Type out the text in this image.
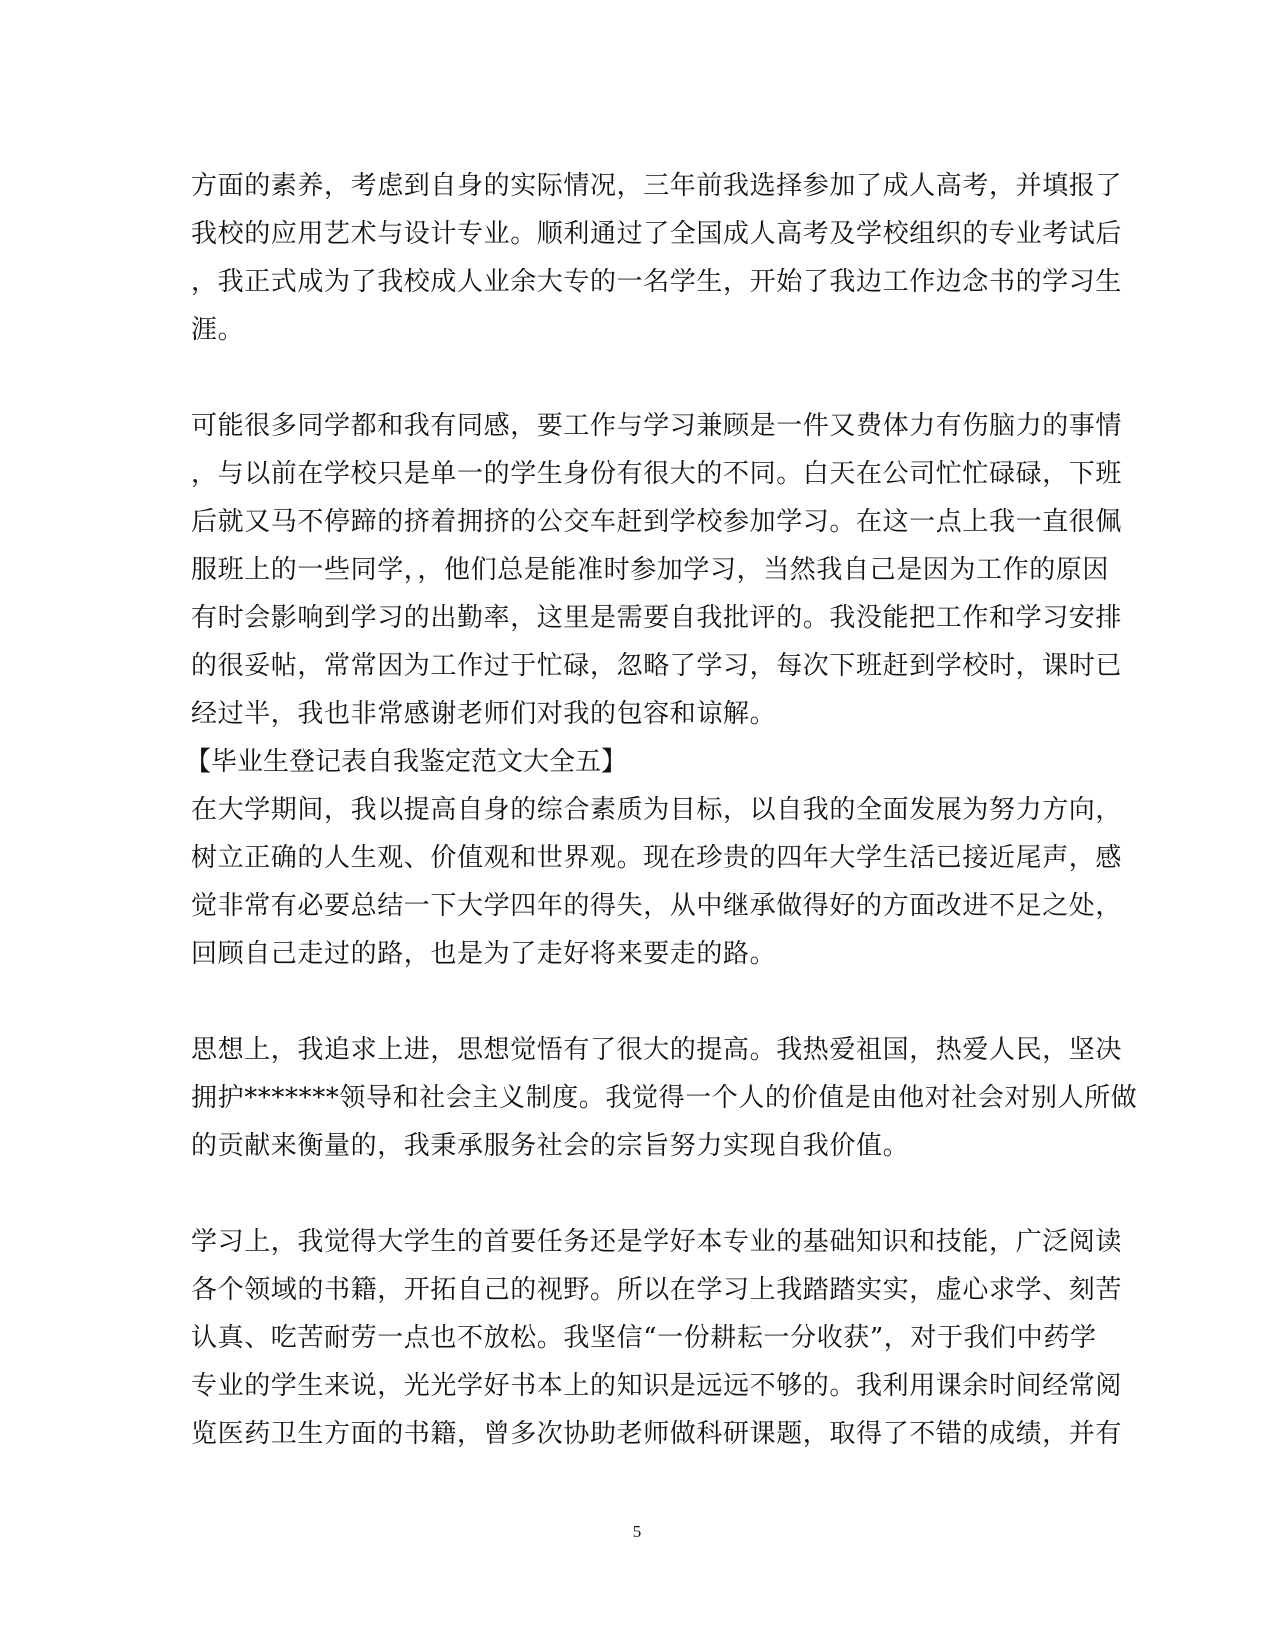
方面的素养，考虑到自身的实际情况，三年前我选择参加了成人高考，并填报了
我校的应用艺术与设计专业。顺利通过了全国成人高考及学校组织的专业考试后
，我正式成为了我校成人业余大专的一名学生，开始了我边工作边念书的学习生
涯。

可能很多同学都和我有同感，要工作与学习兼顾是一件又费体力有伤脑力的事情
，与以前在学校只是单一的学生身份有很大的不同。白天在公司忙忙碌碌，下班
后就又马不停蹄的挤着拥挤的公交车赶到学校参加学习。在这一点上我一直很佩
服班上的一些同学，，他们总是能准时参加学习，当然我自己是因为工作的原因
有时会影响到学习的出勤率，这里是需要自我批评的。我没能把工作和学习安排
的很妥帖，常常因为工作过于忙碌，忽略了学习，每次下班赶到学校时，课时已
经过半，我也非常感谢老师们对我的包容和谅解。

【毕业生登记表自我鉴定范文大全五】

在大学期间，我以提高自身的综合素质为目标，以自我的全面发展为努力方向，
树立正确的人生观、价值观和世界观。现在珍贵的四年大学生活已接近尾声，感
觉非常有必要总结一下大学四年的得失，从中继承做得好的方面改进不足之处，
回顾自己走过的路，也是为了走好将来要走的路。

思想上，我追求上进，思想觉悟有了很大的提高。我热爱祖国，热爱人民，坚决
拥护*******领导和社会主义制度。我觉得一个人的价值是由他对社会对别人所做
的贡献来衡量的，我秉承服务社会的宗旨努力实现自我价值。

学习上，我觉得大学生的首要任务还是学好本专业的基础知识和技能，广泛阅读
各个领域的书籍，开拓自己的视野。所以在学习上我踏踏实实，虚心求学、刻苦
认真、吃苦耐劳一点也不放松。我坚信“一份耕耘一分收获”，对于我们中药学
专业的学生来说，光光学好书本上的知识是远远不够的。我利用课余时间经常阅
览医药卫生方面的书籍，曾多次协助老师做科研课题，取得了不错的成绩，并有

5
